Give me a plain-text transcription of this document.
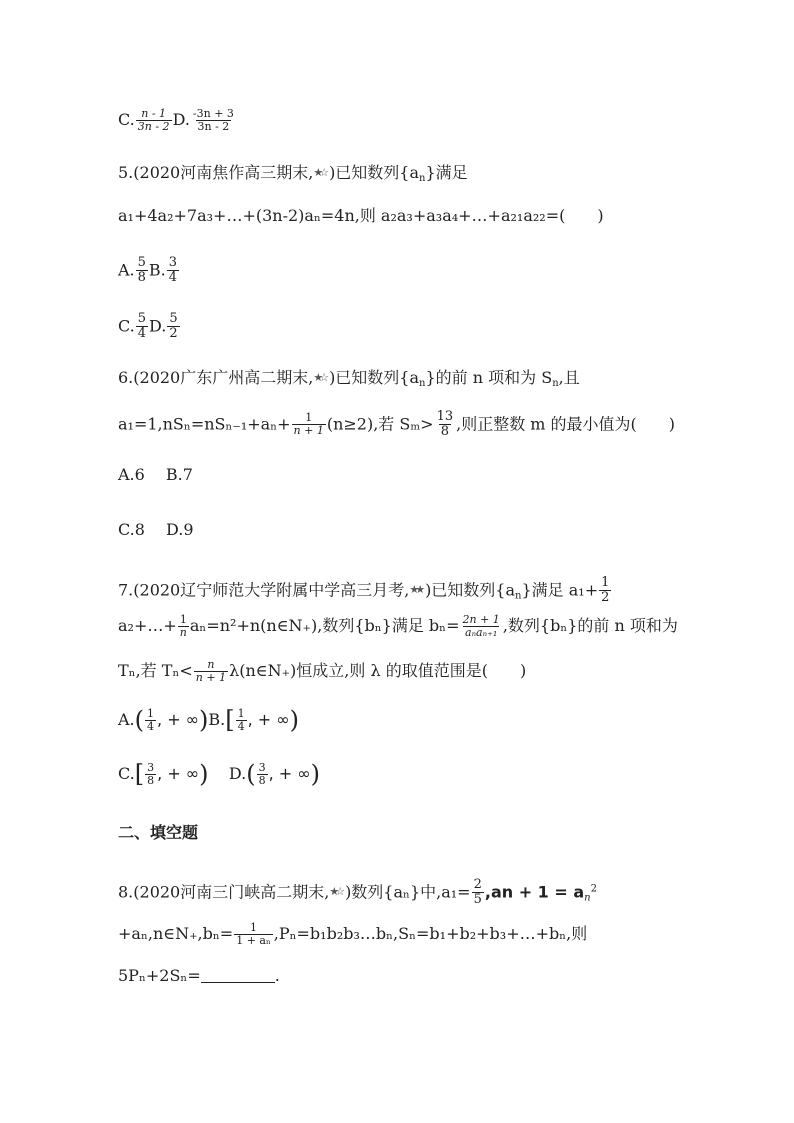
C. $\frac{n - 1}{3n - 2} D$. $\frac{-3n + 3}{3n - 2}$
5.(2020河南焦作高三期末,★☆ )已知数列$\{a_n\}$满足
a₁+4a₂+7a₃+…+(3n-2)aₙ=4n,则 a₂a₃+a₃a₄+…+a₂₁a₂₂=(　　)
A. $\frac{5}{8} B$. $\frac{3}{4}$
C. $\frac{5}{4} D$. $\frac{5}{2}$
6.(2020广东广州高二期末,★☆ )已知数列$\{a_n\}$的前 n 项和为 $S_n$,且
$a_1=1,nS_n=nS_{n-1}+a_n+ \frac{1}{n + 1} (n\ge 2)$,若 $S_m> \frac{13}{8}$ ,则正整数 m 的最小值为(　　)
A.6　 B.7
C.8　 D.9
7.(2020辽宁师范大学附属中学高三月考,★★ )已知数列$\{a_n\}$满足 $a_1+ \frac{1}{2}$
a₂+…+ $\frac{1}{n}$ aₙ=n²+n(n∈N₊),数列{bₙ}满足 $b_n= \frac{2n + 1}{\text{aₙaₙ₊₁}}$ ,数列{bₙ}的前 n 项和为
Tₙ,若 $T_n< \frac{n}{n + 1}$ λ(n∈N₊)恒成立,则 λ 的取值范围是(　　)
$A.( \frac{1}{4}$ , + $\infty)B.[ \frac{1}{4}$ , + ∞)
$C.[ \frac{3}{8}$ , + ∞) $D.( \frac{3}{8}$ , + ∞)
二、填空题
8.(2020河南三门峡高二期末,★☆ )数列{aₙ}中$,a_1= \frac{2}{5} ,an + 1 = a_n^2$
+aₙ,n∈N₊,bₙ= $\frac{1}{\text{1 + aₙ}}$ ,Pₙ=b₁b₂b₃…bₙ,Sₙ=b₁+b₂+b₃+…+bₙ,则
5Pₙ+2Sₙ=	.
